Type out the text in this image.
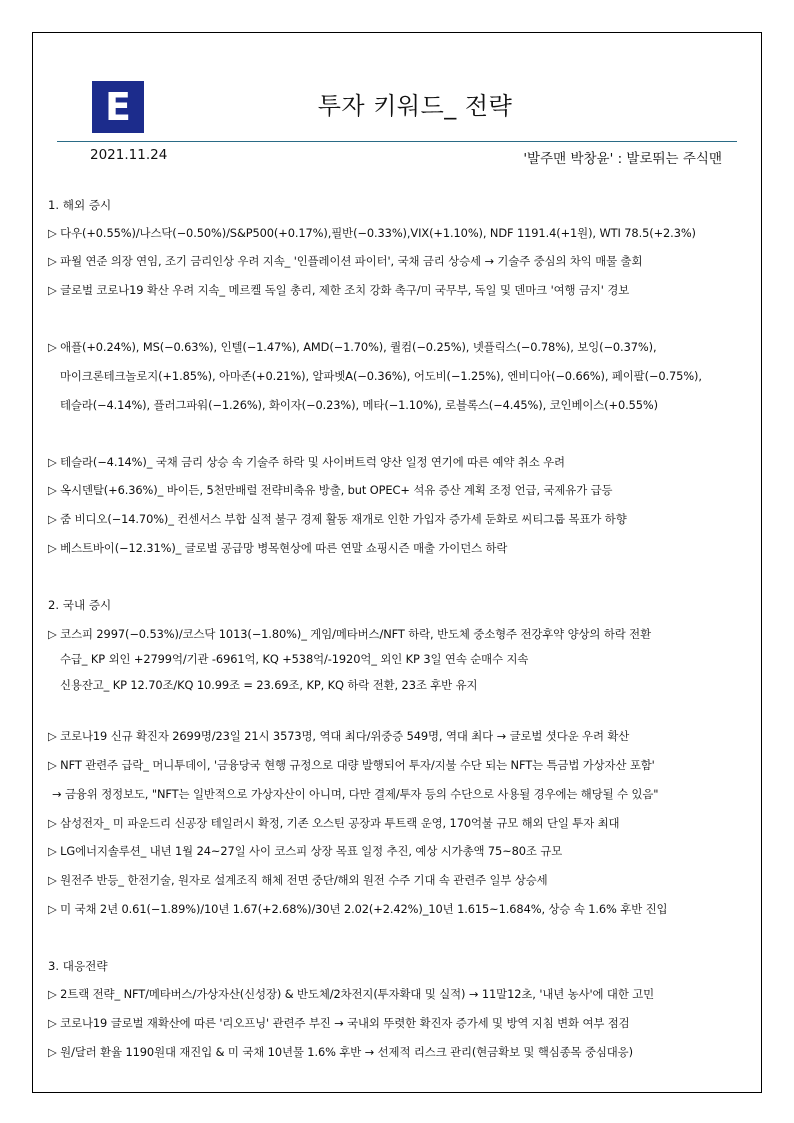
E	투자 키워드_ 전략
2021.11.24	'발주맨 박창윤' : 발로뛰는 주식맨
1. 해외 증시
▷ 다우(+0.55%)/나스닥(−0.50%)/S&P500(+0.17%),필반(−0.33%),VIX(+1.10%), NDF 1191.4(+1원), WTI 78.5(+2.3%)
▷ 파월 연준 의장 연임, 조기 금리인상 우려 지속_ '인플레이션 파이터', 국채 금리 상승세 → 기술주 중심의 차익 매물 출회
▷ 글로벌 코로나19 확산 우려 지속_ 메르켈 독일 총리, 제한 조치 강화 촉구/미 국무부, 독일 및 덴마크 '여행 금지' 경보
▷ 애플(+0.24%), MS(−0.63%), 인텔(−1.47%), AMD(−1.70%), 퀄컴(−0.25%), 넷플릭스(−0.78%), 보잉(−0.37%),
마이크론테크놀로지(+1.85%), 아마존(+0.21%), 알파벳A(−0.36%), 어도비(−1.25%), 엔비디아(−0.66%), 페이팔(−0.75%),
테슬라(−4.14%), 플러그파워(−1.26%), 화이자(−0.23%), 메타(−1.10%), 로블록스(−4.45%), 코인베이스(+0.55%)
▷ 테슬라(−4.14%)_ 국채 금리 상승 속 기술주 하락 및 사이버트럭 양산 일정 연기에 따른 예약 취소 우려
▷ 옥시덴탈(+6.36%)_ 바이든, 5천만배럴 전략비축유 방출, but OPEC+ 석유 증산 계획 조정 언급, 국제유가 급등
▷ 줌 비디오(−14.70%)_ 컨센서스 부합 실적 불구 경제 활동 재개로 인한 가입자 증가세 둔화로 씨티그룹 목표가 하향
▷ 베스트바이(−12.31%)_ 글로벌 공급망 병목현상에 따른 연말 쇼핑시즌 매출 가이던스 하락
2. 국내 증시
▷ 코스피 2997(−0.53%)/코스닥 1013(−1.80%)_ 게임/메타버스/NFT 하락, 반도체 중소형주 전강후약 양상의 하락 전환
수급_ KP 외인 +2799억/기관 -6961억, KQ +538억/-1920억_ 외인 KP 3일 연속 순매수 지속
신용잔고_ KP 12.70조/KQ 10.99조 = 23.69조, KP, KQ 하락 전환, 23조 후반 유지
▷ 코로나19 신규 확진자 2699명/23일 21시 3573명, 역대 최다/위중증 549명, 역대 최다 → 글로벌 셧다운 우려 확산
▷ NFT 관련주 급락_ 머니투데이, '금융당국 현행 규정으로 대량 발행되어 투자/지불 수단 되는 NFT는 특금법 가상자산 포함'
→ 금융위 정정보도, "NFT는 일반적으로 가상자산이 아니며, 다만 결제/투자 등의 수단으로 사용될 경우에는 해당될 수 있음"
▷ 삼성전자_ 미 파운드리 신공장 테일러시 확정, 기존 오스틴 공장과 투트랙 운영, 170억불 규모 해외 단일 투자 최대
▷ LG에너지솔루션_ 내년 1월 24~27일 사이 코스피 상장 목표 일정 추진, 예상 시가총액 75~80조 규모
▷ 원전주 반등_ 한전기술, 원자로 설계조직 해체 전면 중단/해외 원전 수주 기대 속 관련주 일부 상승세
▷ 미 국채 2년 0.61(−1.89%)/10년 1.67(+2.68%)/30년 2.02(+2.42%)_10년 1.615~1.684%, 상승 속 1.6% 후반 진입
3. 대응전략
▷ 2트랙 전략_ NFT/메타버스/가상자산(신성장) & 반도체/2차전지(투자확대 및 실적) → 11말12초, '내년 농사'에 대한 고민
▷ 코로나19 글로벌 재확산에 따른 '리오프닝' 관련주 부진 → 국내외 뚜렷한 확진자 증가세 및 방역 지침 변화 여부 점검
▷ 원/달러 환율 1190원대 재진입 & 미 국채 10년물 1.6% 후반 → 선제적 리스크 관리(현금확보 및 핵심종목 중심대응)
